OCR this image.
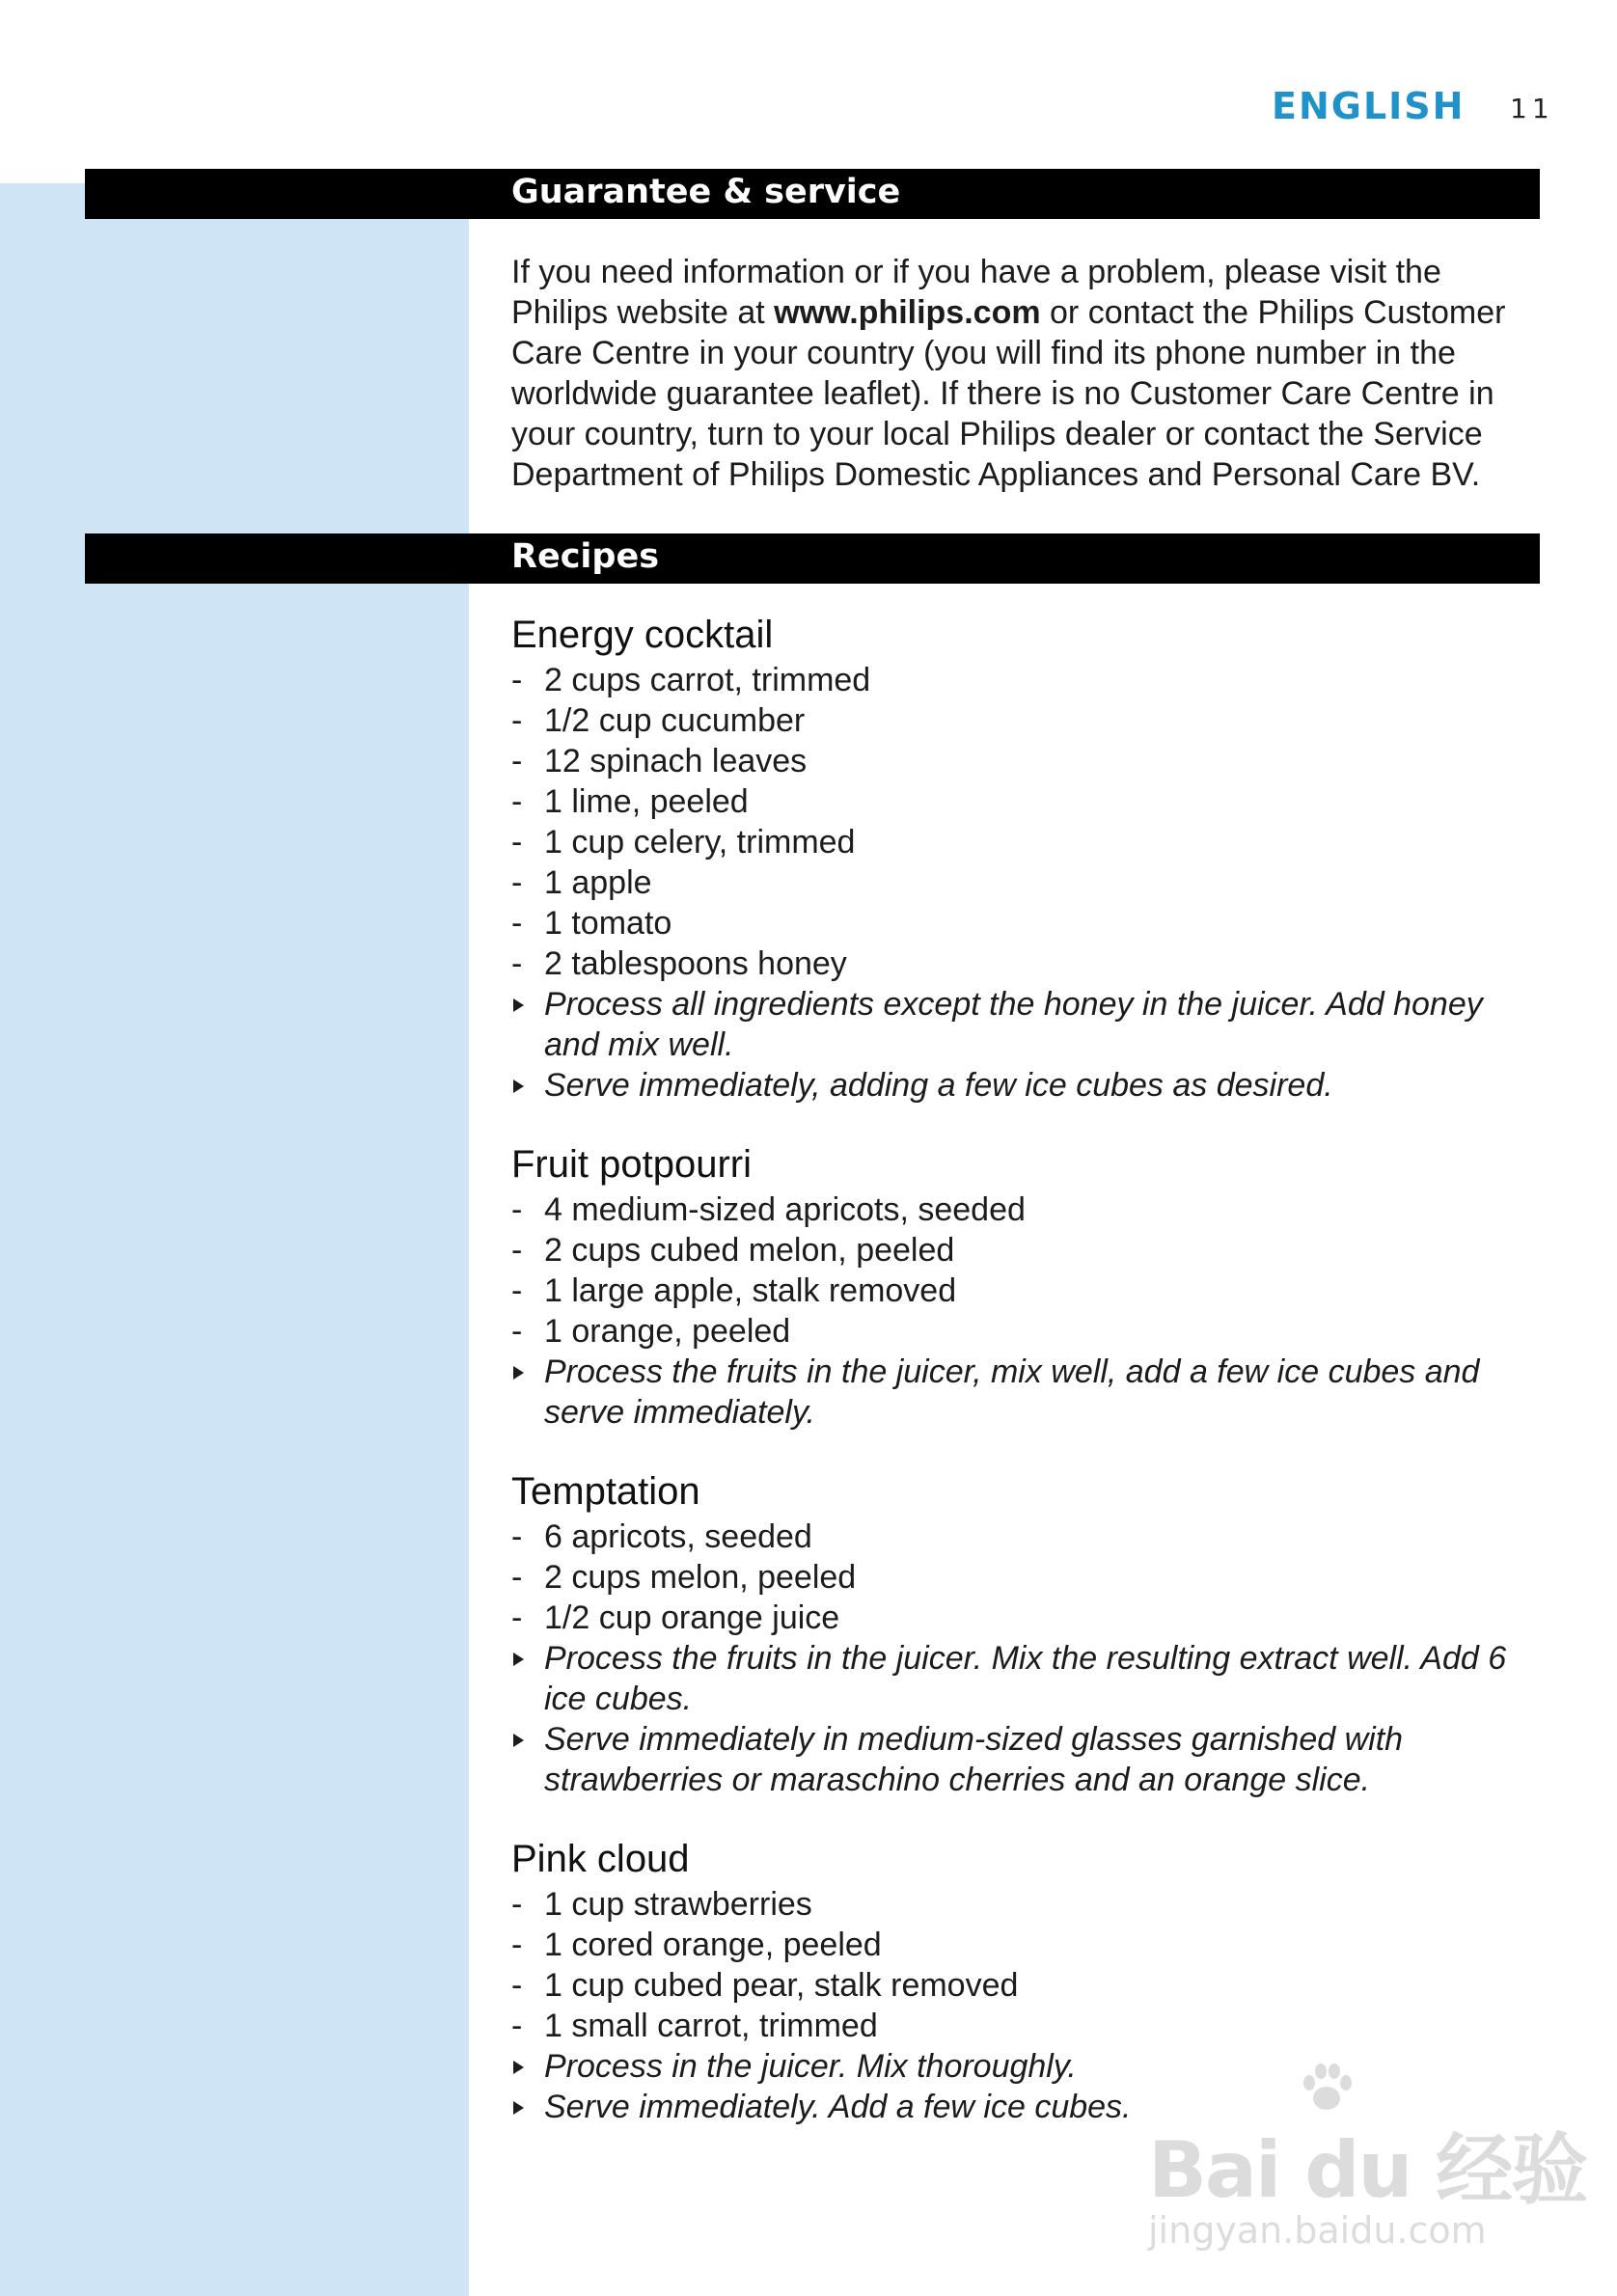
ENGLISH 11
Guarantee & service
If you need information or if you have a problem, please visit the Philips website at www.philips.com or contact the Philips Customer Care Centre in your country (you will find its phone number in the worldwide guarantee leaflet). If there is no Customer Care Centre in your country, turn to your local Philips dealer or contact the Service Department of Philips Domestic Appliances and Personal Care BV.
Recipes
Energy cocktail
- 2 cups carrot, trimmed
- 1/2 cup cucumber
- 12 spinach leaves
- 1 lime, peeled
- 1 cup celery, trimmed
- 1 apple
- 1 tomato
- 2 tablespoons honey
Process all ingredients except the honey in the juicer. Add honey and mix well.
Serve immediately, adding a few ice cubes as desired.
Fruit potpourri
- 4 medium-sized apricots, seeded
- 2 cups cubed melon, peeled
- 1 large apple, stalk removed
- 1 orange, peeled
Process the fruits in the juicer, mix well, add a few ice cubes and serve immediately.
Temptation
- 6 apricots, seeded
- 2 cups melon, peeled
- 1/2 cup orange juice
Process the fruits in the juicer. Mix the resulting extract well. Add 6 ice cubes.
Serve immediately in medium-sized glasses garnished with strawberries or maraschino cherries and an orange slice.
Pink cloud
- 1 cup strawberries
- 1 cored orange, peeled
- 1 cup cubed pear, stalk removed
- 1 small carrot, trimmed
Process in the juicer. Mix thoroughly.
Serve immediately. Add a few ice cubes.
Bai du 经验
jingyan.baidu.com
